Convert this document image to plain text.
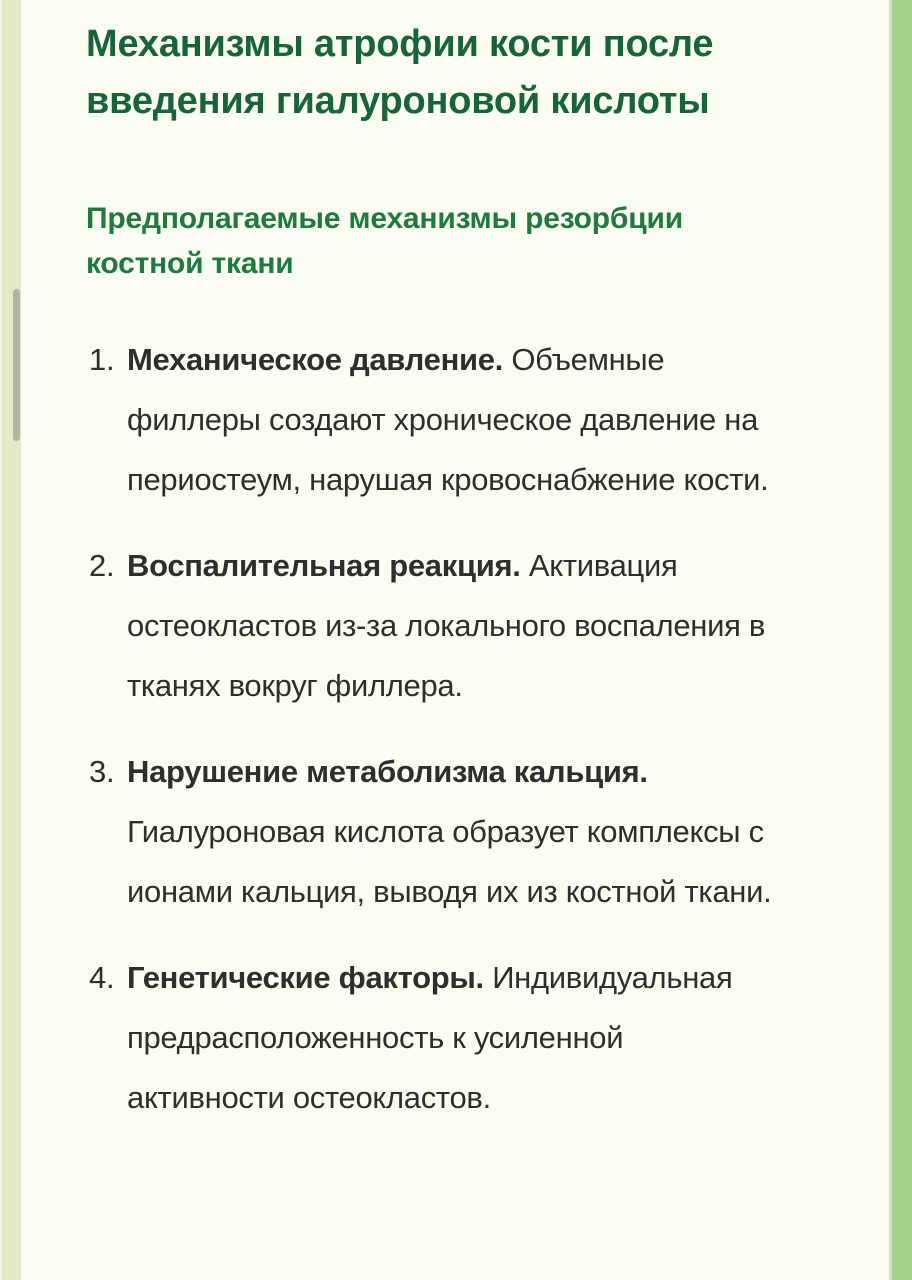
Механизмы атрофии кости после введения гиалуроновой кислоты
Предполагаемые механизмы резорбции костной ткани
1. Механическое давление. Объемные филлеры создают хроническое давление на периостеум, нарушая кровоснабжение кости.
2. Воспалительная реакция. Активация остеокластов из-за локального воспаления в тканях вокруг филлера.
3. Нарушение метаболизма кальция. Гиалуроновая кислота образует комплексы с ионами кальция, выводя их из костной ткани.
4. Генетические факторы. Индивидуальная предрасположенность к усиленной активности остеокластов.
